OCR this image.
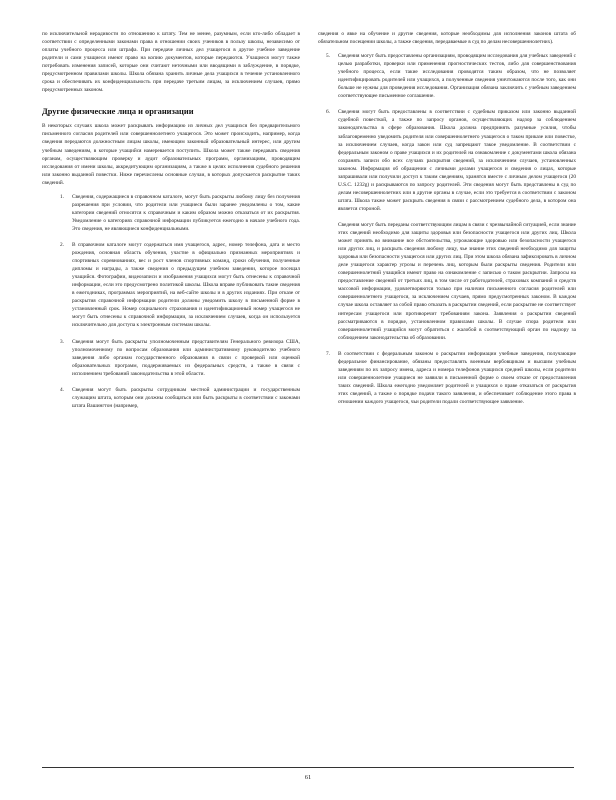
по исключительной нерадивости по отношению к штату. Тем не менее, разумным, если кто-либо обладает в соответствии с определенными законами права в отношении своих учеников в пользу школы, независимо от оплаты учебного процесса или штрафа. При передаче личных дел учащегося в другое учебное заведение родители и сами учащиеся имеют право на копию документов, которые передаются. Учащиеся могут также потребовать изменения записей, которые они считают неточными или вводящими в заблуждение, в порядке, предусмотренном правилами школы. Школа обязана хранить личные дела учащихся в течение установленного срока и обеспечивать их конфиденциальность при передаче третьим лицам, за исключением случаев, прямо предусмотренных законом.

Другие физические лица и организации

В некоторых случаях школа может раскрывать информацию из личных дел учащихся без предварительного письменного согласия родителей или совершеннолетнего учащегося. Это может происходить, например, когда сведения передаются должностным лицам школы, имеющим законный образовательный интерес, или другим учебным заведениям, в которые учащийся намеревается поступить. Школа может также передавать сведения органам, осуществляющим проверку и аудит образовательных программ, организациям, проводящим исследования от имени школы, аккредитующим организациям, а также в целях исполнения судебного решения или законно выданной повестки. Ниже перечислены основные случаи, в которых допускается раскрытие таких сведений.

1. Сведения, содержащиеся в справочном каталоге, могут быть раскрыты любому лицу без получения разрешения при условии, что родители или учащиеся были заранее уведомлены о том, какие категории сведений относятся к справочным и каким образом можно отказаться от их раскрытия. Уведомление о категориях справочной информации публикуется ежегодно в начале учебного года. Это сведения, не являющиеся конфиденциальными.
2. В справочном каталоге могут содержаться имя учащегося, адрес, номер телефона, дата и место рождения, основная область обучения, участие в официально признанных мероприятиях и спортивных соревнованиях, вес и рост членов спортивных команд, сроки обучения, полученные дипломы и награды, а также сведения о предыдущем учебном заведении, которое посещал учащийся. Фотографии, видеозаписи и изображения учащихся могут быть отнесены к справочной информации, если это предусмотрено политикой школы. Школа вправе публиковать такие сведения в ежегодниках, программах мероприятий, на веб-сайте школы и в других изданиях. При отказе от раскрытия справочной информации родители должны уведомить школу в письменной форме в установленный срок. Номер социального страхования и идентификационный номер учащегося не могут быть отнесены к справочной информации, за исключением случаев, когда он используется исключительно для доступа к электронным системам школы.
3. Сведения могут быть раскрыты уполномоченным представителям Генерального ревизора США, уполномоченному по вопросам образования или административному руководителю учебного заведения либо органам государственного образования в связи с проверкой или оценкой образовательных программ, поддерживаемых из федеральных средств, а также в связи с исполнением требований законодательства в этой области.
4. Сведения могут быть раскрыты сотрудникам местной администрации и государственным служащим штата, которым они должны сообщаться или быть раскрыты в соответствии с законами штата Вашингтон (например,

сведения о явке на обучение и другие сведения, которые необходимы для исполнения законов штата об обязательном посещении школы, а также сведения, передаваемые в суд по делам несовершеннолетних).

5. Сведения могут быть предоставлены организациям, проводящим исследования для учебных заведений с целью разработки, проверки или применения прогностических тестов, либо для совершенствования учебного процесса, если такие исследования проводятся таким образом, что не позволяет идентифицировать родителей или учащихся, а полученные сведения уничтожаются после того, как они больше не нужны для проведения исследования. Организация обязана заключить с учебным заведением соответствующее письменное соглашение.
6. Сведения могут быть предоставлены в соответствии с судебным приказом или законно выданной судебной повесткой, а также по запросу органов, осуществляющих надзор за соблюдением законодательства в сфере образования. Школа должна предпринять разумные усилия, чтобы заблаговременно уведомить родителя или совершеннолетнего учащегося о таком приказе или повестке, за исключением случаев, когда закон или суд запрещают такое уведомление. В соответствии с федеральным законом о праве учащихся и их родителей на ознакомление с документами школа обязана сохранять записи обо всех случаях раскрытия сведений, за исключением случаев, установленных законом. Информация об обращении с личными делами учащегося и сведения о лицах, которые запрашивали или получили доступ к таким сведениям, хранятся вместе с личным делом учащегося (20 U.S.C. 1232g) и раскрываются по запросу родителей. Эти сведения могут быть представлены в суд по делам несовершеннолетних или в другие органы в случае, если это требуется в соответствии с законом штата. Школа также может раскрыть сведения в связи с рассмотрением судебного дела, в котором она является стороной.
Сведения могут быть переданы соответствующим лицам в связи с чрезвычайной ситуацией, если знание этих сведений необходимо для защиты здоровья или безопасности учащегося или других лиц. Школа может принять во внимание все обстоятельства, угрожающие здоровью или безопасности учащегося или других лиц, и раскрыть сведения любому лицу, чье знание этих сведений необходимо для защиты здоровья или безопасности учащегося или других лиц. При этом школа обязана зафиксировать в личном деле учащегося характер угрозы и перечень лиц, которым были раскрыты сведения. Родители или совершеннолетний учащийся имеют право на ознакомление с записью о таком раскрытии. Запросы на предоставление сведений от третьих лиц, в том числе от работодателей, страховых компаний и средств массовой информации, удовлетворяются только при наличии письменного согласия родителей или совершеннолетнего учащегося, за исключением случаев, прямо предусмотренных законом. В каждом случае школа оставляет за собой право отказать в раскрытии сведений, если раскрытие не соответствует интересам учащегося или противоречит требованиям закона. Заявления о раскрытии сведений рассматриваются в порядке, установленном правилами школы. В случае спора родители или совершеннолетний учащийся могут обратиться с жалобой в соответствующий орган по надзору за соблюдением законодательства об образовании.
7. В соответствии с федеральным законом о раскрытии информации учебные заведения, получающие федеральное финансирование, обязаны предоставлять военным вербовщикам и высшим учебным заведениям по их запросу имена, адреса и номера телефонов учащихся средней школы, если родители или совершеннолетние учащиеся не заявили в письменной форме о своем отказе от предоставления таких сведений. Школа ежегодно уведомляет родителей и учащихся о праве отказаться от раскрытия этих сведений, а также о порядке подачи такого заявления, и обеспечивает соблюдение этого права в отношении каждого учащегося, чьи родители подали соответствующее заявление.
61
